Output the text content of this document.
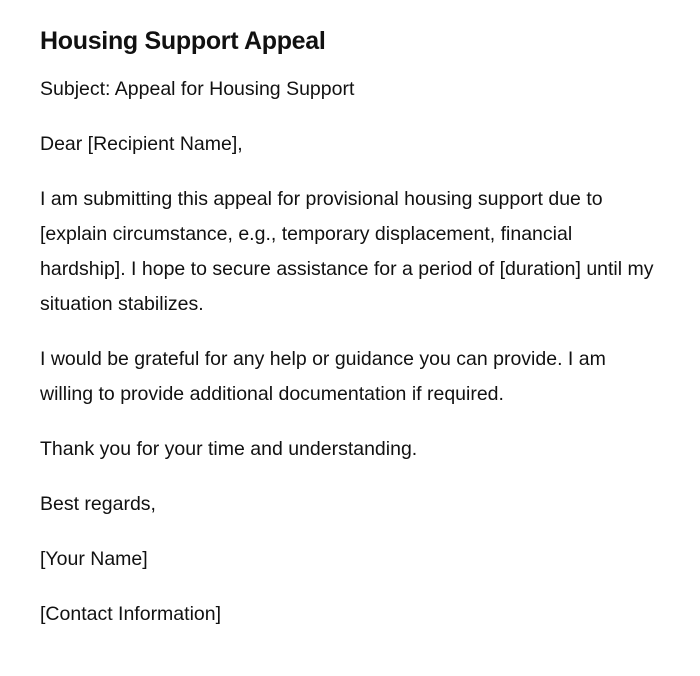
Housing Support Appeal

Subject: Appeal for Housing Support

Dear [Recipient Name],

I am submitting this appeal for provisional housing support due to [explain circumstance, e.g., temporary displacement, financial hardship]. I hope to secure assistance for a period of [duration] until my situation stabilizes.

I would be grateful for any help or guidance you can provide. I am willing to provide additional documentation if required.

Thank you for your time and understanding.

Best regards,

[Your Name]

[Contact Information]
